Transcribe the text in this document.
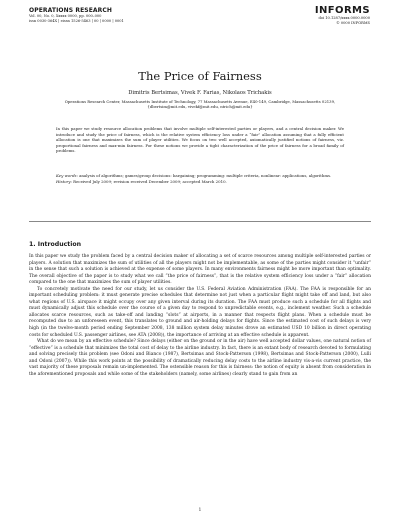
OPERATIONS RESEARCH
Vol. 00, No. 0, Xxxxx 0000, pp. 000–000
issn 0030-364X | eissn 1526-5463 | 00 | 0000 | 0001
INFORMS
doi 10.1287/xxxx.0000.0000
© 0000 INFORMS
The Price of Fairness
Dimitris Bertsimas, Vivek F. Farias, Nikolaos Trichakis
Operations Research Center, Massachusetts Institute of Technology, 77 Massachusetts Avenue, E40-149, Cambridge, Massachusetts 02139, {dbertsim@mit.edu, vivekf@mit.edu, ntrich@mit.edu}
In this paper we study resource allocation problems that involve multiple self-interested parties or players, and a central decision maker. We introduce and study the price of fairness, which is the relative system efficiency loss under a “fair” allocation assuming that a fully efficient allocation is one that maximizes the sum of player utilities. We focus on two well accepted, axiomatically justified notions of fairness, viz. proportional fairness and max-min fairness. For these notions we provide a tight characterization of the price of fairness for a broad family of problems.
Key words: analysis of algorithms; games/group decisions: bargaining; programming: multiple criteria, nonlinear: applications, algorithms.
History: Received July 2009; revision received December 2009; accepted March 2010.
1. Introduction

In this paper we study the problem faced by a central decision maker of allocating a set of scarce resources among multiple self-interested parties or players. A solution that maximizes the sum of utilities of all the players might not be implementable, as some of the parties might consider it “unfair” in the sense that such a solution is achieved at the expense of some players. In many environments fairness might be more important than optimality. The overall objective of the paper is to study what we call “the price of fairness”, that is the relative system efficiency loss under a “fair” allocation compared to the one that maximizes the sum of player utilities.

To concretely motivate the need for our study, let us consider the U.S. Federal Aviation Administration (FAA). The FAA is responsible for an important scheduling problem: it must generate precise schedules that determine not just when a particular flight might take off and land, but also what regions of U.S. airspace it might occupy over any given interval during its duration. The FAA must produce such a schedule for all flights and must dynamically adjust this schedule over the course of a given day to respond to unpredictable events, e.g., inclement weather. Such a schedule allocates scarce resources, such as take-off and landing “slots” at airports, in a manner that respects flight plans. When a schedule must be recomputed due to an unforeseen event, this translates to ground and air-holding delays for flights. Since the estimated cost of such delays is very high (in the twelve-month period ending September 2008, 138 million system delay minutes drove an estimated USD 10 billion in direct operating costs for scheduled U.S. passenger airlines, see ATA (2008)), the importance of arriving at an effective schedule is apparent.

What do we mean by an effective schedule? Since delays (either on the ground or in the air) have well accepted dollar values, one natural notion of “effective” is a schedule that minimizes the total cost of delay to the airline industry. In fact, there is an extant body of research devoted to formulating and solving precisely this problem (see Odoni and Bianco (1987), Bertsimas and Stock-Patterson (1998), Bertsimas and Stock-Patterson (2000), Lulli and Odoni (2007)). While this work points at the possibility of dramatically reducing delay costs to the airline industry vis-a-vis current practice, the vast majority of these proposals remain un-implemented. The ostensible reason for this is fairness: the notion of equity is absent from consideration in the aforementioned proposals and while some of the stakeholders (namely, some airlines) clearly stand to gain from an

1
